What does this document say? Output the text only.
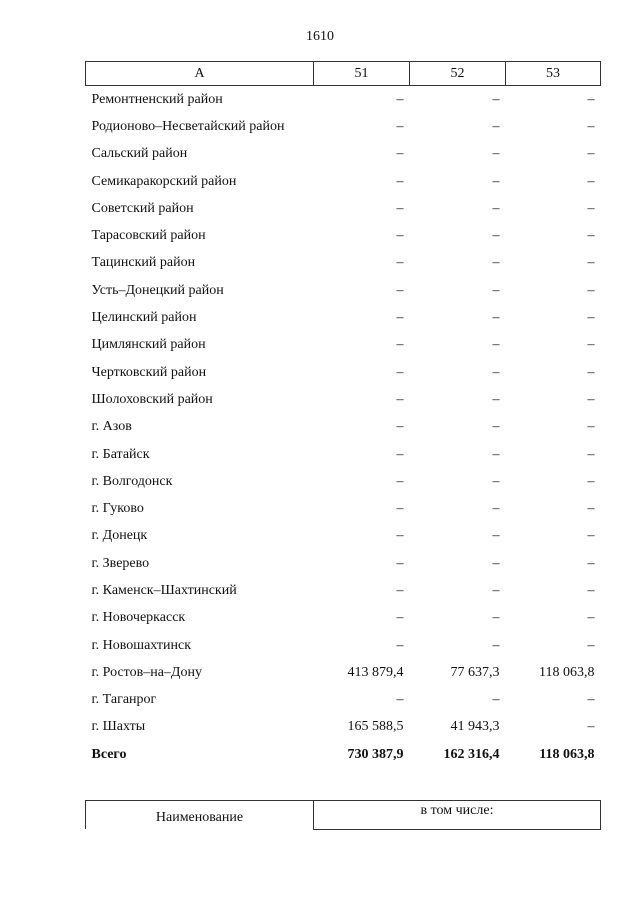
1610
А	51	52	53
Ремонтненский район	–	–	–
Родионово–Несветайский район	–	–	–
Сальский район	–	–	–
Семикаракорский район	–	–	–
Советский район	–	–	–
Тарасовский район	–	–	–
Тацинский район	–	–	–
Усть–Донецкий район	–	–	–
Целинский район	–	–	–
Цимлянский район	–	–	–
Чертковский район	–	–	–
Шолоховский район	–	–	–
г. Азов	–	–	–
г. Батайск	–	–	–
г. Волгодонск	–	–	–
г. Гуково	–	–	–
г. Донецк	–	–	–
г. Зверево	–	–	–
г. Каменск–Шахтинский	–	–	–
г. Новочеркасск	–	–	–
г. Новошахтинск	–	–	–
г. Ростов–на–Дону	413 879,4	77 637,3	118 063,8
г. Таганрог	–	–	–
г. Шахты	165 588,5	41 943,3	–
Всего	730 387,9	162 316,4	118 063,8
Наименование	в том числе:
